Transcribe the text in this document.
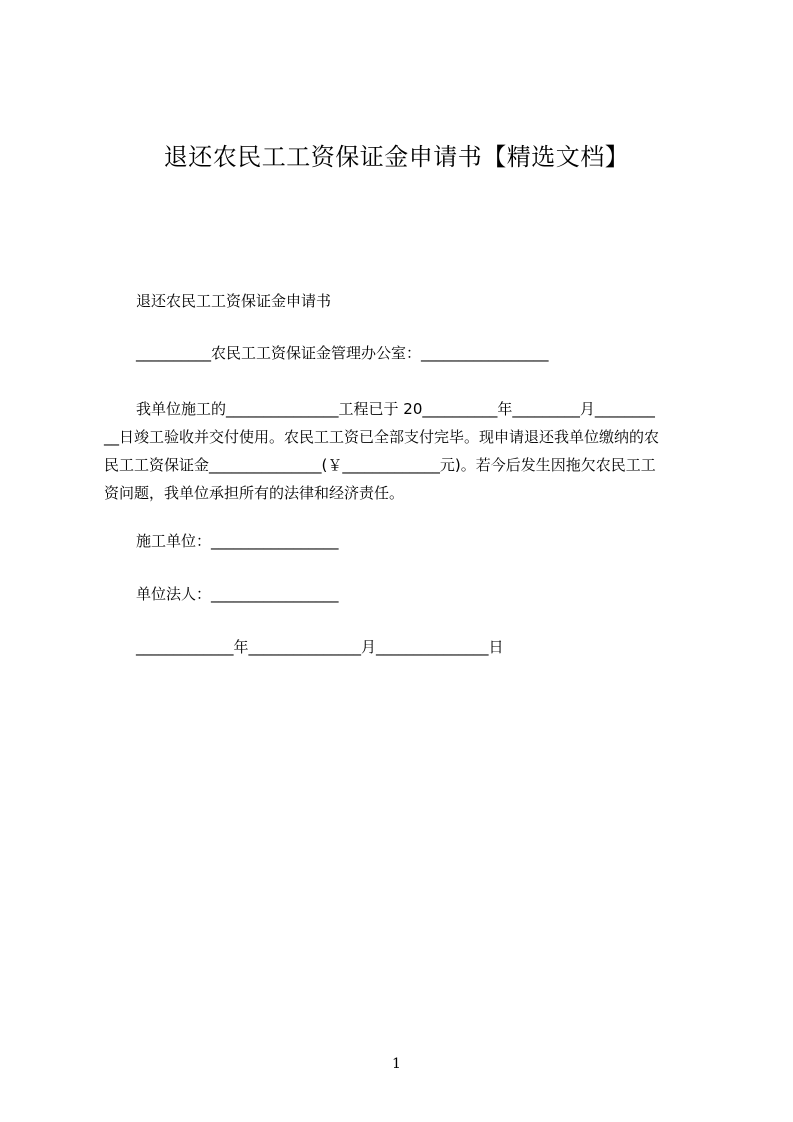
退还农民工工资保证金申请书【精选文档】
退还农民工工资保证金申请书
__________农民工工资保证金管理办公室：_________________
我单位施工的_______________工程已于 20__________年_________月________
__日竣工验收并交付使用。农民工工资已全部支付完毕。现申请退还我单位缴纳的农
民工工资保证金_______________(￥_____________元)。若今后发生因拖欠农民工工
资问题，我单位承担所有的法律和经济责任。
施工单位：_________________
单位法人：_________________
_____________年_______________月_______________日
1
